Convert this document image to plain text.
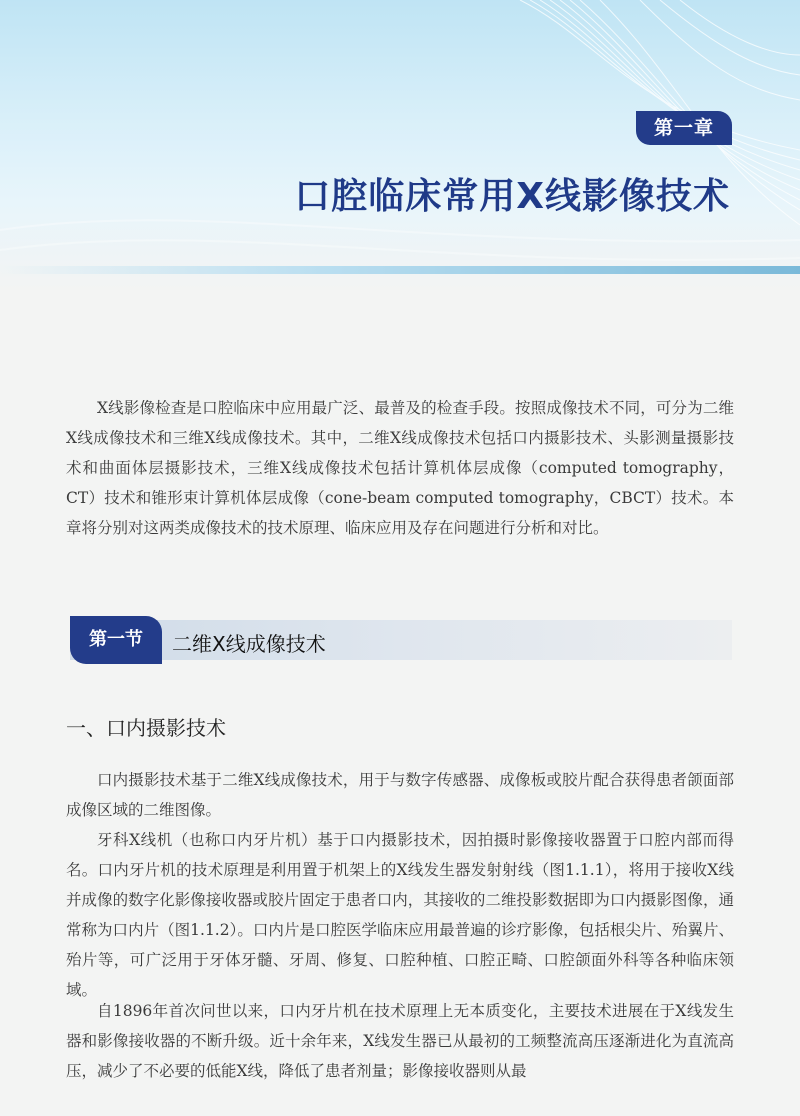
第一章
口腔临床常用X线影像技术
X线影像检查是口腔临床中应用最广泛、最普及的检查手段。按照成像技术不同，可分为二维X线成像技术和三维X线成像技术。其中，二维X线成像技术包括口内摄影技术、头影测量摄影技术和曲面体层摄影技术，三维X线成像技术包括计算机体层成像（computed tomography，CT）技术和锥形束计算机体层成像（cone-beam computed tomography，CBCT）技术。本章将分别对这两类成像技术的技术原理、临床应用及存在问题进行分析和对比。
第一节	二维X线成像技术
一、口内摄影技术
口内摄影技术基于二维X线成像技术，用于与数字传感器、成像板或胶片配合获得患者颌面部成像区域的二维图像。
牙科X线机（也称口内牙片机）基于口内摄影技术，因拍摄时影像接收器置于口腔内部而得名。口内牙片机的技术原理是利用置于机架上的X线发生器发射射线（图1.1.1），将用于接收X线并成像的数字化影像接收器或胶片固定于患者口内，其接收的二维投影数据即为口内摄影图像，通常称为口内片（图1.1.2）。口内片是口腔医学临床应用最普遍的诊疗影像，包括根尖片、殆翼片、殆片等，可广泛用于牙体牙髓、牙周、修复、口腔种植、口腔正畸、口腔颌面外科等各种临床领域。
自1896年首次问世以来，口内牙片机在技术原理上无本质变化，主要技术进展在于X线发生器和影像接收器的不断升级。近十余年来，X线发生器已从最初的工频整流高压逐渐进化为直流高压，减少了不必要的低能X线，降低了患者剂量；影像接收器则从最
